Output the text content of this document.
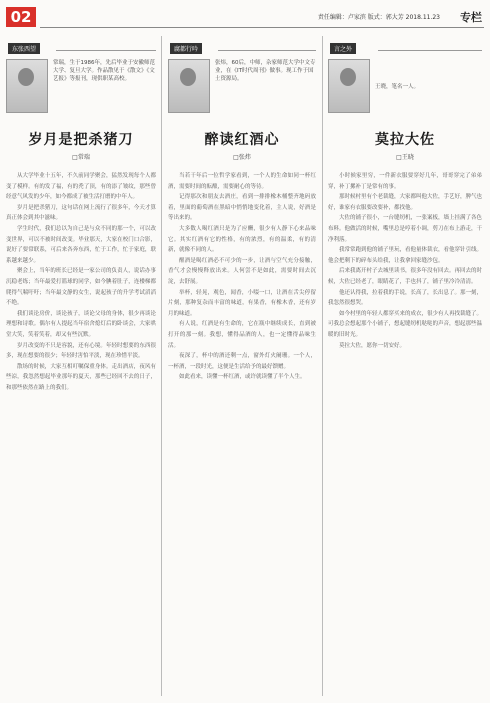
02	责任编辑：卢家滨 版式：郭大芳 2018.11.23 专栏
东张西望
常瑞，生于1986年，先后毕业于安徽师范大学、复旦大学。作品散见于《散文》《文艺报》等报刊，现供职某高校。
岁月是把杀猪刀
□常瑞

从大学毕业十五年，不久前同学聚会，猛然发现每个人都变了模样。有的发了福，有的秃了顶，有的添了皱纹，那些曾经意气风发的少年，如今都成了被生活打磨的中年人。

岁月是把杀猪刀，这句话在网上流行了很多年，今天才算真正体会到其中滋味。

学生时代，我们总以为自己是与众不同的那一个，可以改变世界，可以不被时间改变。毕业那天，大家在校门口合影，说好了要常联系，可后来各奔东西，忙于工作，忙于家庭，联系越来越少。

聚会上，当年的班长已经是一家公司的负责人，说话办事沉稳老练；当年最爱打篮球的同学，如今腆着肚子，连楼梯都爬得气喘吁吁；当年最文静的女生，说起孩子的升学考试滔滔不绝。

我们谈论房价，谈论孩子，谈论父母的身体，很少再谈论理想和诗歌。偶尔有人提起当年宿舍熄灯后的卧谈会，大家哄堂大笑，笑着笑着，却又有些沉默。

岁月改变的不只是容貌，还有心境。年轻时想要的东西很多，现在想要的很少；年轻时害怕平淡，现在珍惜平淡。

散场的时候，大家互相叮嘱保重身体。走出酒店，夜风有些凉，我忽然想起毕业那年的夏天，那些已经回不去的日子，和那些依然在路上的我们。

腐都行吟
张炜，60后，中师，杂家师范大学中文专业，在《IT时代周刊》做事。现工作于国土资源局。
醉读红酒心
□张炜

当若干年后一位哲学家看到，一个人的生命如同一杯红酒，需要时间的酝酿，需要耐心的等待。

记得那次和朋友去酒庄，看到一排排橡木桶整齐地码放着，里面的葡萄酒在黑暗中悄悄地变化着，主人说，好酒是等出来的。

大多数人喝红酒只是为了应酬，很少有人静下心来品味它。其实红酒有它的性格，有的浓烈，有的温柔，有的清新，就像不同的人。

醒酒是喝红酒必不可少的一步，让酒与空气充分接触，香气才会慢慢释放出来。人何尝不是如此，需要时间去沉淀，去舒展。

举杯，轻晃，观色，闻香，小啜一口，让酒在舌尖停留片刻，那种复杂而丰富的味道，有果香，有橡木香，还有岁月的味道。

有人说，红酒是有生命的，它在瓶中继续成长，直到被打开的那一刻。我想，懂得品酒的人，也一定懂得品味生活。

夜深了，杯中的酒还剩一点，窗外灯火阑珊。一个人，一杯酒，一段时光，这便是生活给予的最好馈赠。

如此看来，读懂一杯红酒，或许就读懂了半个人生。

言之外
王晓，笔名一人。
莫拉大佐
□王晓

小时候家里穷，一件新衣服要穿好几年，哥哥穿完了弟弟穿，补丁摞补丁是常有的事。

那时候村里有个老裁缝，大家都叫他大佐，手艺好，脾气也好，谁家有衣服要改要补，都找他。

大佐的铺子很小，一台缝纫机，一张案板，墙上挂满了各色布料。他做活的时候，嘴里总是哼着小调，剪刀在布上游走，干净利落。

我常常跑到他的铺子里玩，看他量体裁衣，看他穿针引线。他会把剩下的碎布头给我，让我拿回家缝沙包。

后来我离开村子去城里读书，很多年没有回去。再回去的时候，大佐已经老了，眼睛花了，手也抖了，铺子里冷冷清清。

他还认得我，拉着我的手说，长高了，长出息了。那一刻，我忽然很想哭。

如今村里的年轻人都穿买来的成衣，很少有人再找裁缝了。可我总会想起那个小铺子，想起缝纫机哒哒的声音，想起那些温暖的旧时光。

莫拉大佐，愿你一切安好。
